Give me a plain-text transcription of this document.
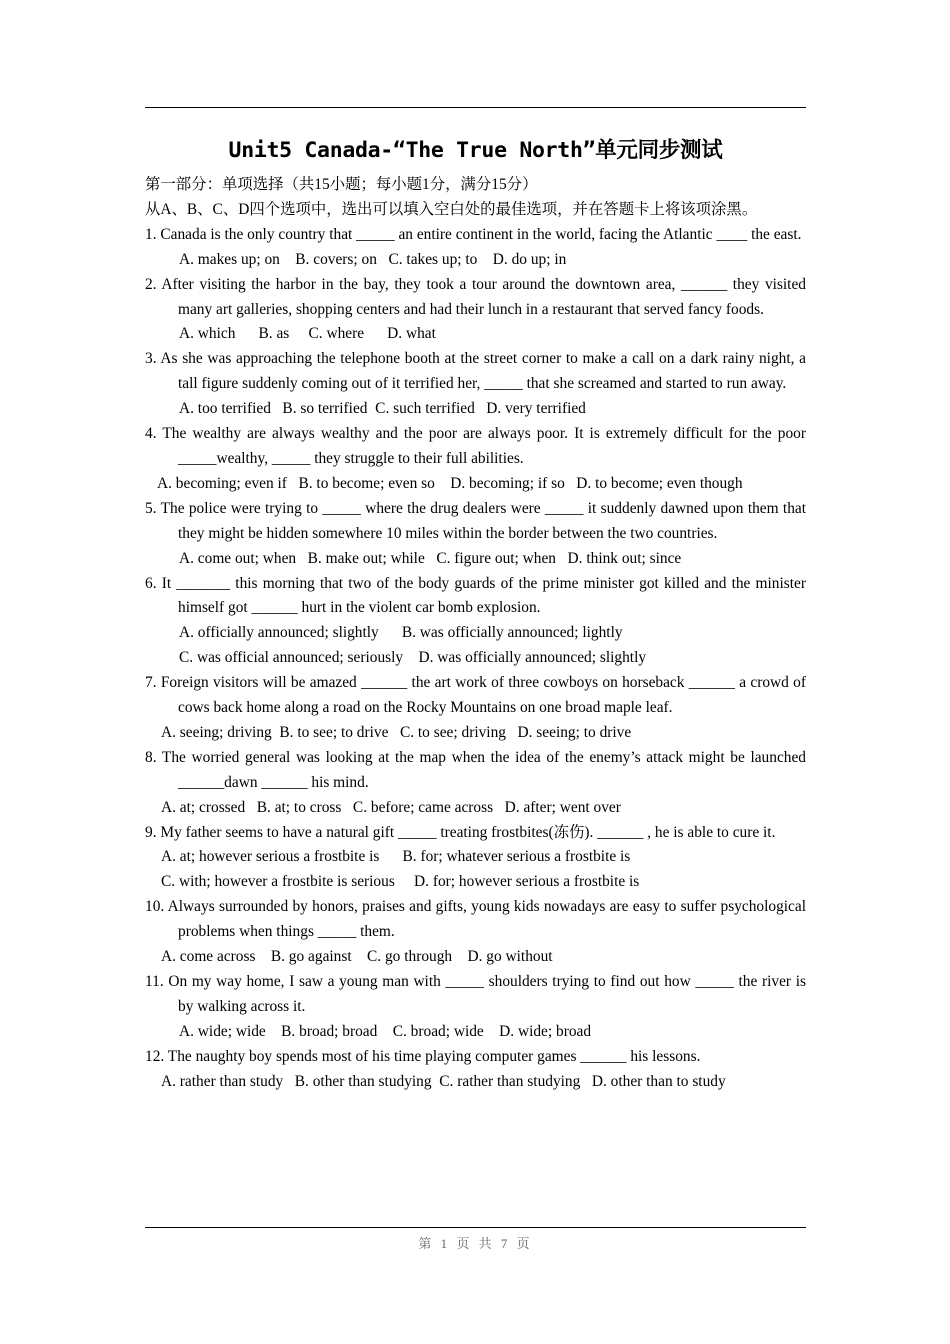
Unit5 Canada-“The True North”单元同步测试
第一部分：单项选择（共15小题；每小题1分，满分15分）
从A、B、C、D四个选项中，选出可以填入空白处的最佳选项，并在答题卡上将该项涂黑。
1. Canada is the only country that _____ an entire continent in the world, facing the Atlantic ____ the east.
A. makes up; on    B. covers; on   C. takes up; to    D. do up; in
2. After visiting the harbor in the bay, they took a tour around the downtown area, ______ they visited many art galleries, shopping centers and had their lunch in a restaurant that served fancy foods.
A. which      B. as     C. where      D. what
3. As she was approaching the telephone booth at the street corner to make a call on a dark rainy night, a tall figure suddenly coming out of it terrified her, _____ that she screamed and started to run away.
A. too terrified   B. so terrified  C. such terrified   D. very terrified
4. The wealthy are always wealthy and the poor are always poor. It is extremely difficult for the poor _____wealthy, _____ they struggle to their full abilities.
A. becoming; even if   B. to become; even so    D. becoming; if so   D. to become; even though
5. The police were trying to _____ where the drug dealers were _____ it suddenly dawned upon them that they might be hidden somewhere 10 miles within the border between the two countries.
A. come out; when   B. make out; while   C. figure out; when   D. think out; since
6. It _______ this morning that two of the body guards of the prime minister got killed and the minister himself got ______ hurt in the violent car bomb explosion.
A. officially announced; slightly      B. was officially announced; lightly
C. was official announced; seriously    D. was officially announced; slightly
7. Foreign visitors will be amazed ______ the art work of three cowboys on horseback ______ a crowd of cows back home along a road on the Rocky Mountains on one broad maple leaf.
A. seeing; driving  B. to see; to drive   C. to see; driving   D. seeing; to drive
8. The worried general was looking at the map when the idea of the enemy’s attack might be launched ______dawn ______ his mind.
A. at; crossed   B. at; to cross   C. before; came across   D. after; went over
9. My father seems to have a natural gift _____ treating frostbites(冻伤). ______ , he is able to cure it.
A. at; however serious a frostbite is      B. for; whatever serious a frostbite is
C. with; however a frostbite is serious     D. for; however serious a frostbite is
10. Always surrounded by honors, praises and gifts, young kids nowadays are easy to suffer psychological problems when things _____ them.
A. come across    B. go against    C. go through    D. go without
11. On my way home, I saw a young man with _____ shoulders trying to find out how _____ the river is by walking across it.
A. wide; wide    B. broad; broad    C. broad; wide    D. wide; broad
12. The naughty boy spends most of his time playing computer games ______ his lessons.
A. rather than study   B. other than studying  C. rather than studying   D. other than to study
第 1 页 共 7 页
